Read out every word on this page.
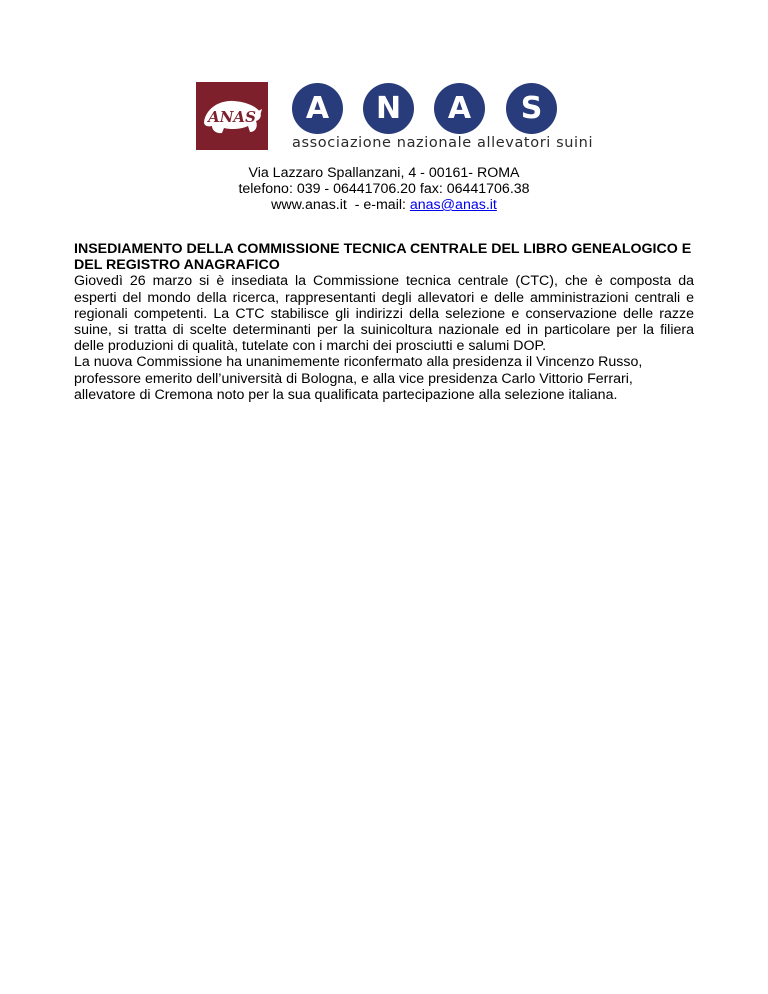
ANAS	A	N	A	S
associazione nazionale allevatori suini
Via Lazzaro Spallanzani, 4 - 00161- ROMA
telefono: 039 - 06441706.20 fax: 06441706.38
www.anas.it  - e-mail: anas@anas.it
INSEDIAMENTO DELLA COMMISSIONE TECNICA CENTRALE DEL LIBRO GENEALOGICO E DEL REGISTRO ANAGRAFICO

Giovedì 26 marzo si è insediata la Commissione tecnica centrale (CTC), che è composta da esperti del mondo della ricerca, rappresentanti degli allevatori e delle amministrazioni centrali e regionali competenti. La CTC stabilisce gli indirizzi della selezione e conservazione delle razze suine, si tratta di scelte determinanti per la suinicoltura nazionale ed in particolare per la filiera delle produzioni di qualità, tutelate con i marchi dei prosciutti e salumi DOP.

La nuova Commissione ha unanimemente riconfermato alla presidenza il Vincenzo Russo, professore emerito dell’università di Bologna, e alla vice presidenza Carlo Vittorio Ferrari, allevatore di Cremona noto per la sua qualificata partecipazione alla selezione italiana.
